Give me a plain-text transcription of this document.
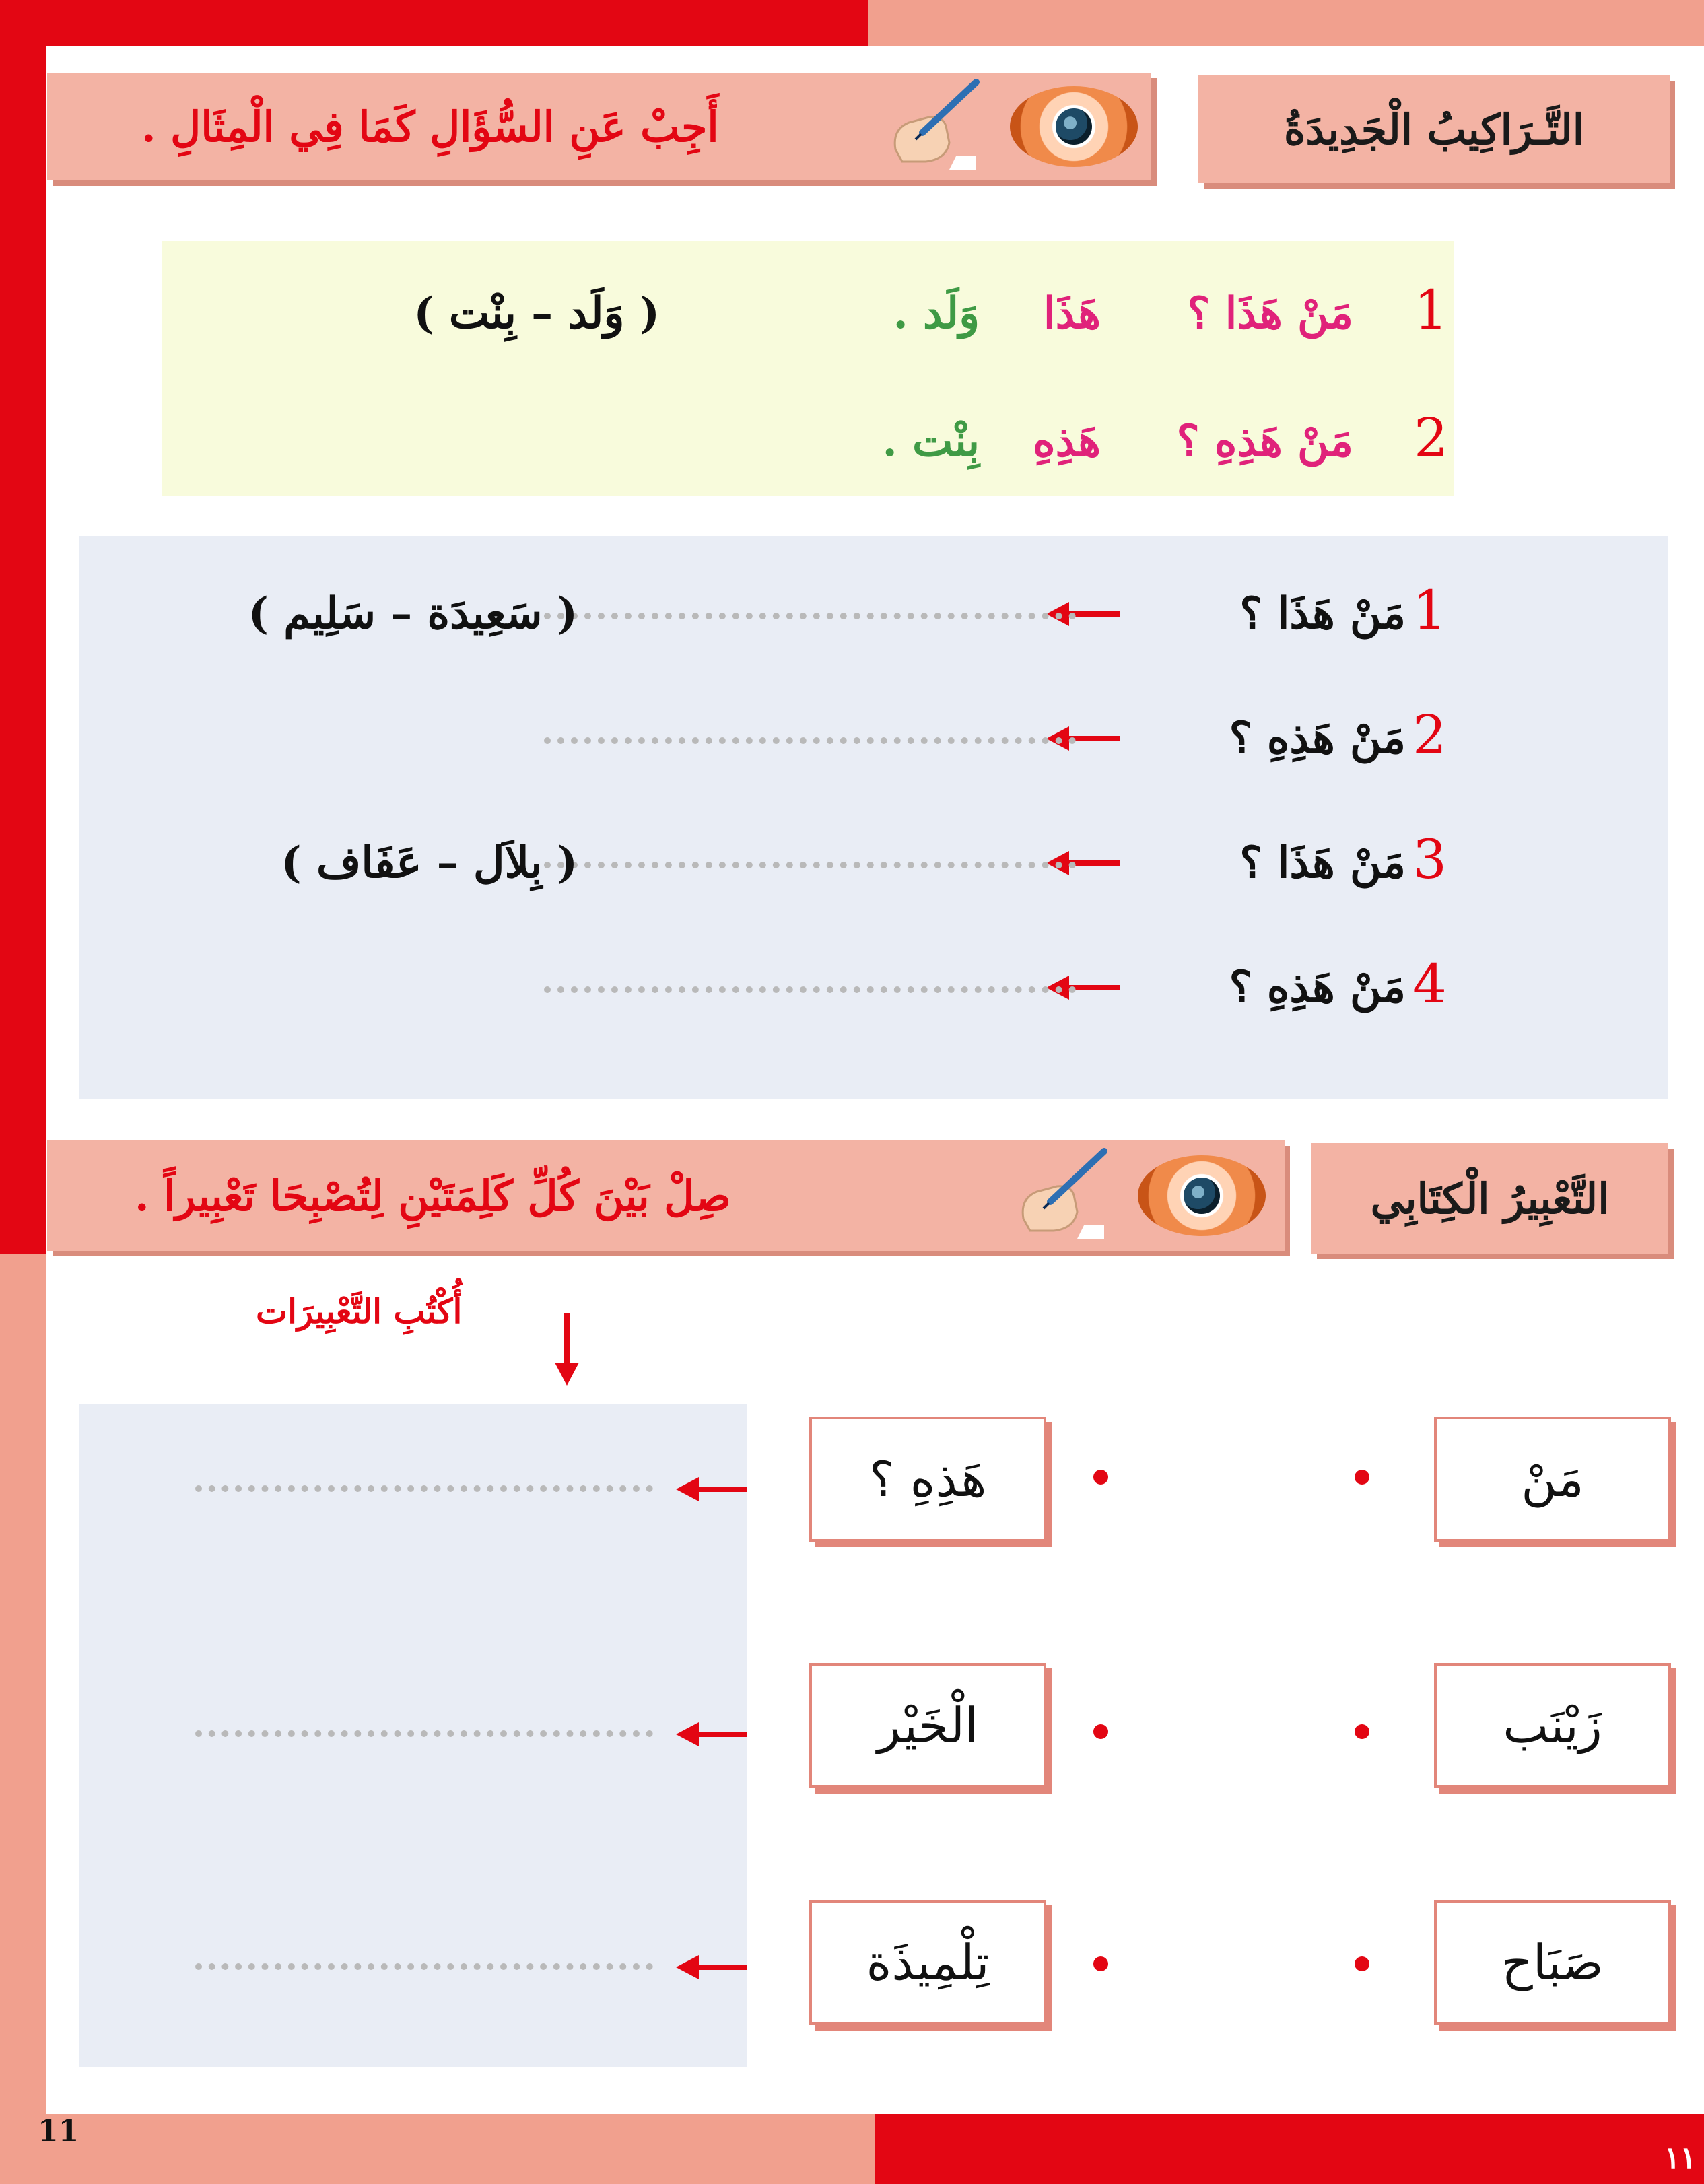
التَّـرَاكِيبُ الْجَدِيدَةُ
أَجِبْ عَنِ السُّؤَالِ كَمَا فِي الْمِثَالِ .
1
مَنْ هَذَا ؟
هَذَا
وَلَد .
( وَلَد – بِنْت )
2
مَنْ هَذِهِ ؟
هَذِهِ
بِنْت .
1
مَنْ هَذَا ؟
( سَعِيدَة – سَلِيم )
2
مَنْ هَذِهِ ؟
3
مَنْ هَذَا ؟
( بِلاَل – عَفَاف )
4
مَنْ هَذِهِ ؟
التَّعْبِيرُ الْكِتَابِي
صِلْ بَيْنَ كُلِّ كَلِمَتَيْنِ لِتُصْبِحَا تَعْبِيراً .
أُكْتُبِ التَّعْبِيرَات
مَنْ
هَذِهِ ؟
زَيْنَب
الْخَيْر
صَبَاح
تِلْمِيذَة
11
١١
